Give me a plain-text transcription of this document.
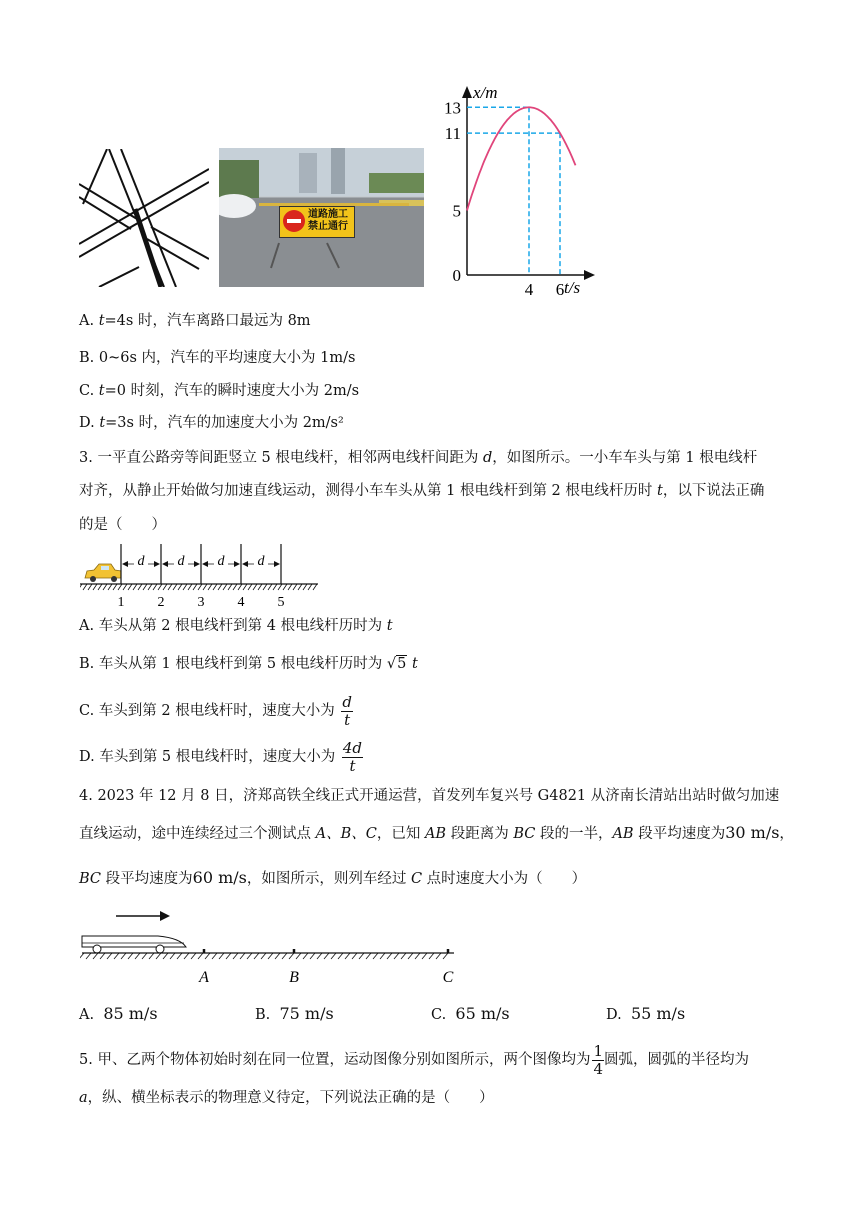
道路施工
禁止通行
13
11
5
0
4 6
x/m
t/s
A. t=4s 时，汽车离路口最远为 8m
B. 0~6s 内，汽车的平均速度大小为 1m/s
C. t=0 时刻，汽车的瞬时速度大小为 2m/s
D. t=3s 时，汽车的加速度大小为 2m/s²
3. 一平直公路旁等间距竖立 5 根电线杆，相邻两电线杆间距为 d，如图所示。一小车车头与第 1 根电线杆
对齐，从静止开始做匀加速直线运动，测得小车车头从第 1 根电线杆到第 2 根电线杆历时 t，以下说法正确
的是（　　）
1
d
2
d
3
d
4
d
5
A. 车头从第 2 根电线杆到第 4 根电线杆历时为 t
B. 车头从第 1 根电线杆到第 5 根电线杆历时为 √5 t
C. 车头到第 2 根电线杆时，速度大小为 $\frac{d}{t}$
D. 车头到第 5 根电线杆时，速度大小为 $\frac{4d}{t}$
4. 2023 年 12 月 8 日，济郑高铁全线正式开通运营，首发列车复兴号 G4821 从济南长清站出站时做匀加速
直线运动，途中连续经过三个测试点 A、B、C，已知 AB 段距离为 BC 段的一半，AB 段平均速度为30 m/s，
BC 段平均速度为60 m/s，如图所示，则列车经过 C 点时速度大小为（　　）
A	B	C
A. 85 m/s	B. 75 m/s	C. 65 m/s	D. 55 m/s
5. 甲、乙两个物体初始时刻在同一位置，运动图像分别如图所示，两个图像均为 $\frac{1}{4}$ 圆弧，圆弧的半径均为
a，纵、横坐标表示的物理意义待定，下列说法正确的是（　　）
